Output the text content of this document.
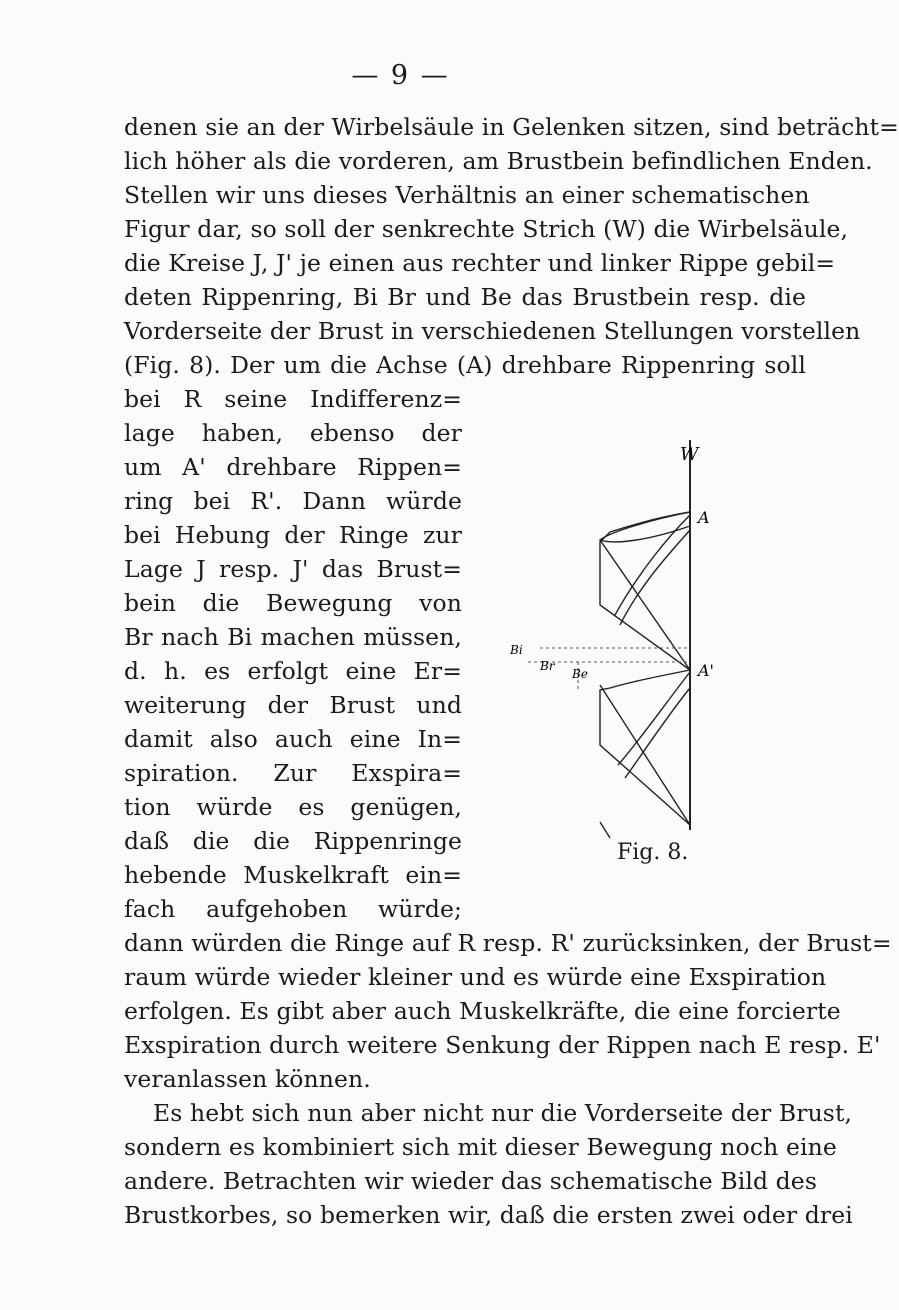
— 9 —
denen sie an der Wirbelsäule in Gelenken sitzen, sind beträcht=
lich höher als die vorderen, am Brustbein befindlichen Enden.
Stellen wir uns dieses Verhältnis an einer schematischen
Figur dar, so soll der senkrechte Strich (W) die Wirbelsäule,
die Kreise J, J' je einen aus rechter und linker Rippe gebil=
deten Rippenring, Bi Br und Be das Brustbein resp. die
Vorderseite der Brust in verschiedenen Stellungen vorstellen
(Fig. 8). Der um die Achse (A) drehbare Rippenring soll
bei R seine Indifferenz=
lage haben, ebenso der
um A' drehbare Rippen=
ring bei R'. Dann würde
bei Hebung der Ringe zur
Lage J resp. J' das Brust=
bein die Bewegung von
Br nach Bi machen müssen,
d. h. es erfolgt eine Er=
weiterung der Brust und
damit also auch eine In=
spiration. Zur Exspira=
tion würde es genügen,
daß die die Rippenringe
hebende Muskelkraft ein=
fach aufgehoben würde;
dann würden die Ringe auf R resp. R' zurücksinken, der Brust=
raum würde wieder kleiner und es würde eine Exspiration
erfolgen. Es gibt aber auch Muskelkräfte, die eine forcierte
Exspiration durch weitere Senkung der Rippen nach E resp. E'
veranlassen können.
Es hebt sich nun aber nicht nur die Vorderseite der Brust,
sondern es kombiniert sich mit dieser Bewegung noch eine
andere. Betrachten wir wieder das schematische Bild des
Brustkorbes, so bemerken wir, daß die ersten zwei oder drei
W
A
A'
Bi
Br
Be
Fig. 8.
